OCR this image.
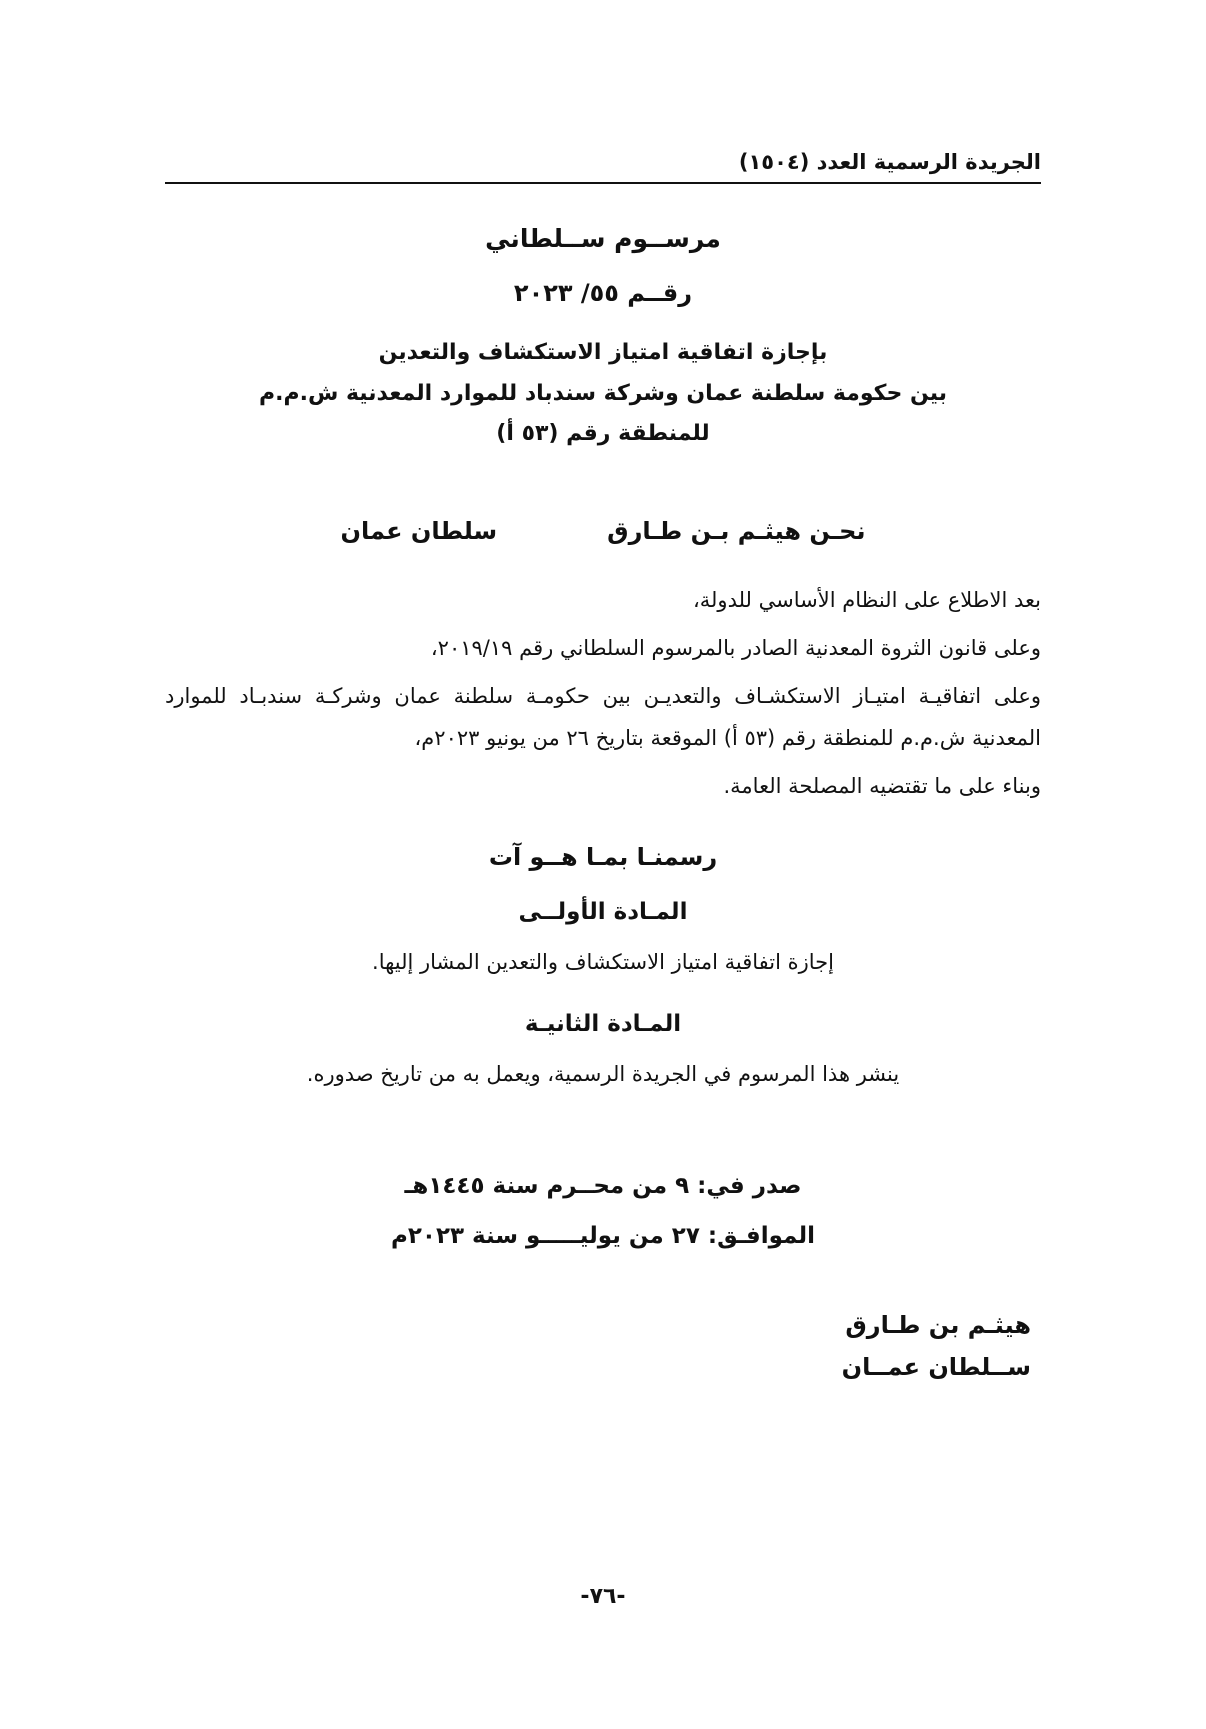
الجريدة الرسمية العدد (١٥٠٤)
مرســوم ســلطاني
رقــم ٥٥/ ٢٠٢٣
بإجازة اتفاقية امتياز الاستكشاف والتعدين
بين حكومة سلطنة عمان وشركة سندباد للموارد المعدنية ش.م.م
للمنطقة رقم (٥٣ أ)
نحـن هيثـم بـن طـارق
سلطان عمان

بعد الاطلاع على النظام الأساسي للدولة،

وعلى قانون الثروة المعدنية الصادر بالمرسوم السلطاني رقم ٢٠١٩/١٩،

وعلى اتفاقيـة امتيـاز الاستكشـاف والتعديـن بين حكومـة سلطنة عمان وشركـة سندبـاد للموارد المعدنية ش.م.م للمنطقة رقم (٥٣ أ) الموقعة بتاريخ ٢٦ من يونيو ٢٠٢٣م،

وبناء على ما تقتضيه المصلحة العامة.

رسمنـا بمـا هــو آت
المـادة الأولــى
إجازة اتفاقية امتياز الاستكشاف والتعدين المشار إليها.
المـادة الثانيـة
ينشر هذا المرسوم في الجريدة الرسمية، ويعمل به من تاريخ صدوره.
صدر في: ٩ من محــرم سنة ١٤٤٥هـ
الموافـق: ٢٧ من يوليـــــو سنة ٢٠٢٣م
هيثـم بن طـارق
ســلطان عمــان
-٧٦-
